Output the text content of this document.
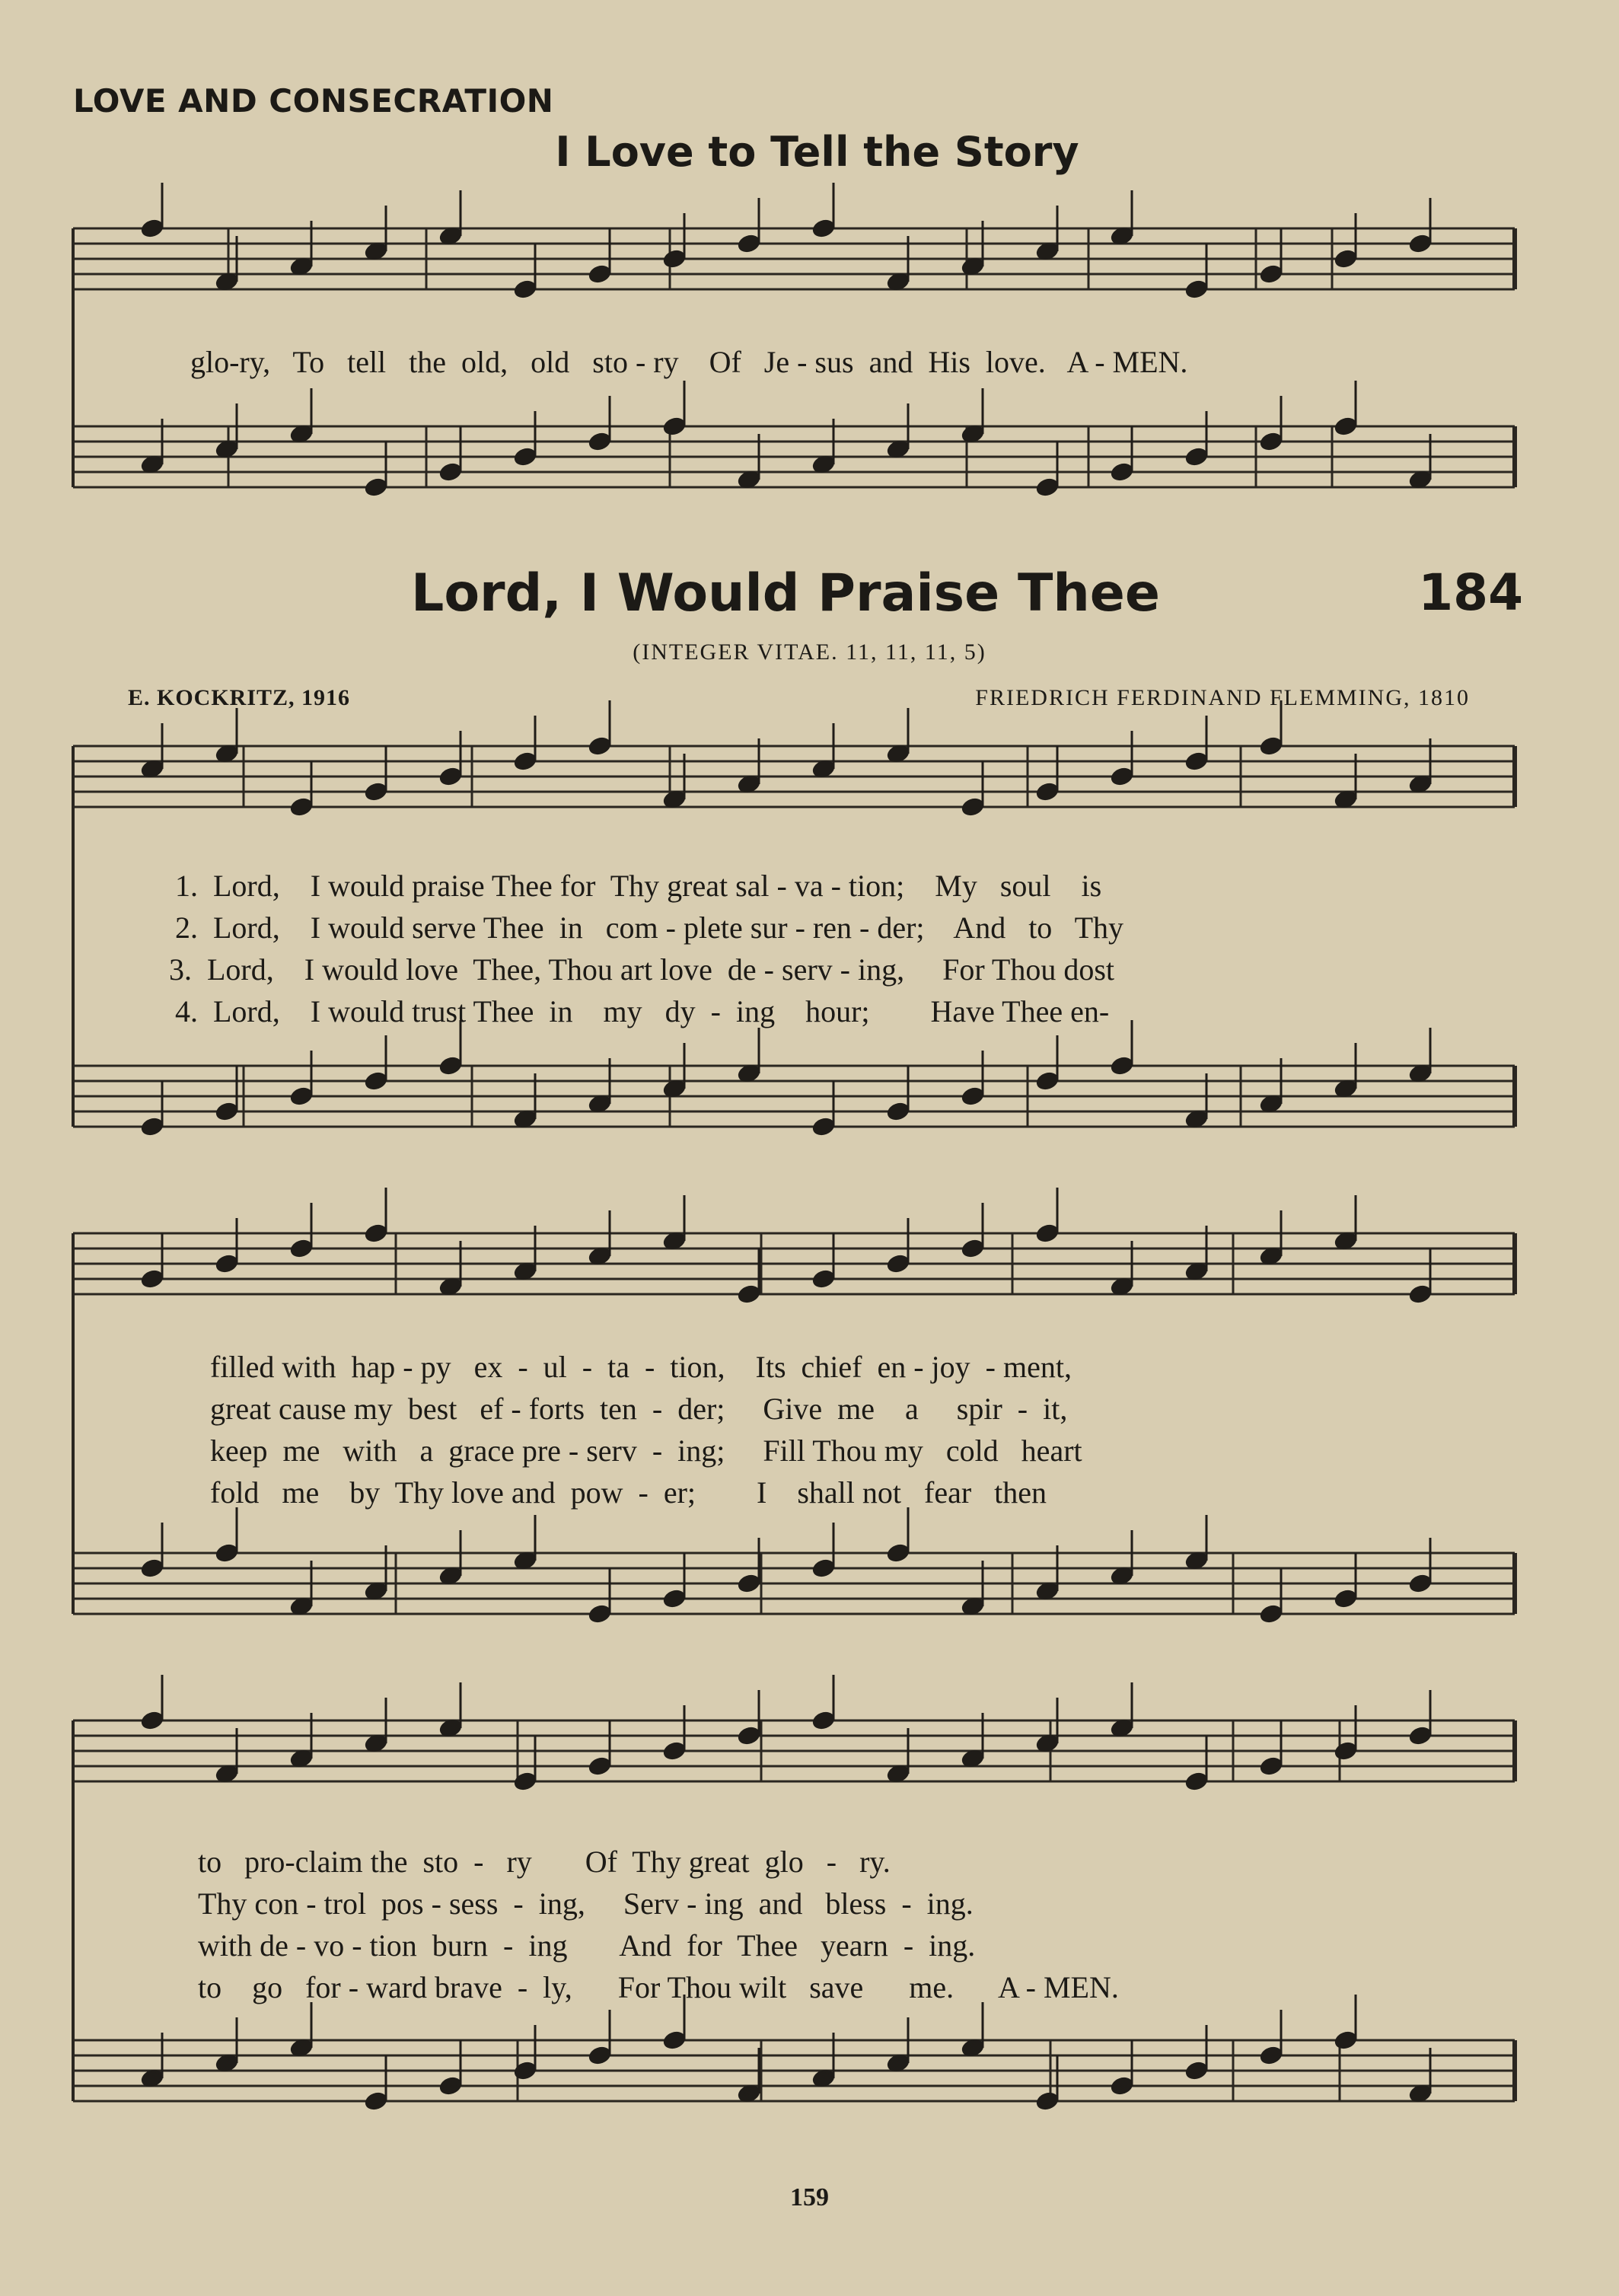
LOVE AND CONSECRATION
I Love to Tell the Story
glo-ry,   To   tell   the  old,   old   sto - ry    Of   Je - sus  and  His  love.   A - MEN.
Lord, I Would Praise Thee	184
(INTEGER VITAE. 11, 11, 11, 5)
E. KOCKRITZ, 1916	FRIEDRICH FERDINAND FLEMMING, 1810
1.  Lord,    I would praise Thee for  Thy great sal - va - tion;    My   soul    is
2.  Lord,    I would serve Thee  in   com - plete sur - ren - der;    And   to   Thy
3.  Lord,    I would love  Thee, Thou art love  de - serv - ing,     For Thou dost
4.  Lord,    I would trust Thee  in    my   dy  -  ing    hour;        Have Thee en-
filled with  hap - py   ex  -  ul  -  ta  -  tion,    Its  chief  en - joy  - ment,
great cause my  best   ef - forts  ten  -  der;     Give  me    a     spir  -  it,
keep  me   with   a  grace pre - serv  -  ing;     Fill Thou my   cold   heart
fold   me    by  Thy love and  pow  -  er;        I    shall not   fear   then
to   pro-claim the  sto  -   ry       Of  Thy great  glo   -   ry.
Thy con - trol  pos - sess  -  ing,     Serv - ing  and   bless  -  ing.
with de - vo - tion  burn  -  ing       And  for  Thee   yearn  -  ing.
to    go   for - ward brave  -  ly,      For Thou wilt   save      me.      A - MEN.
159
